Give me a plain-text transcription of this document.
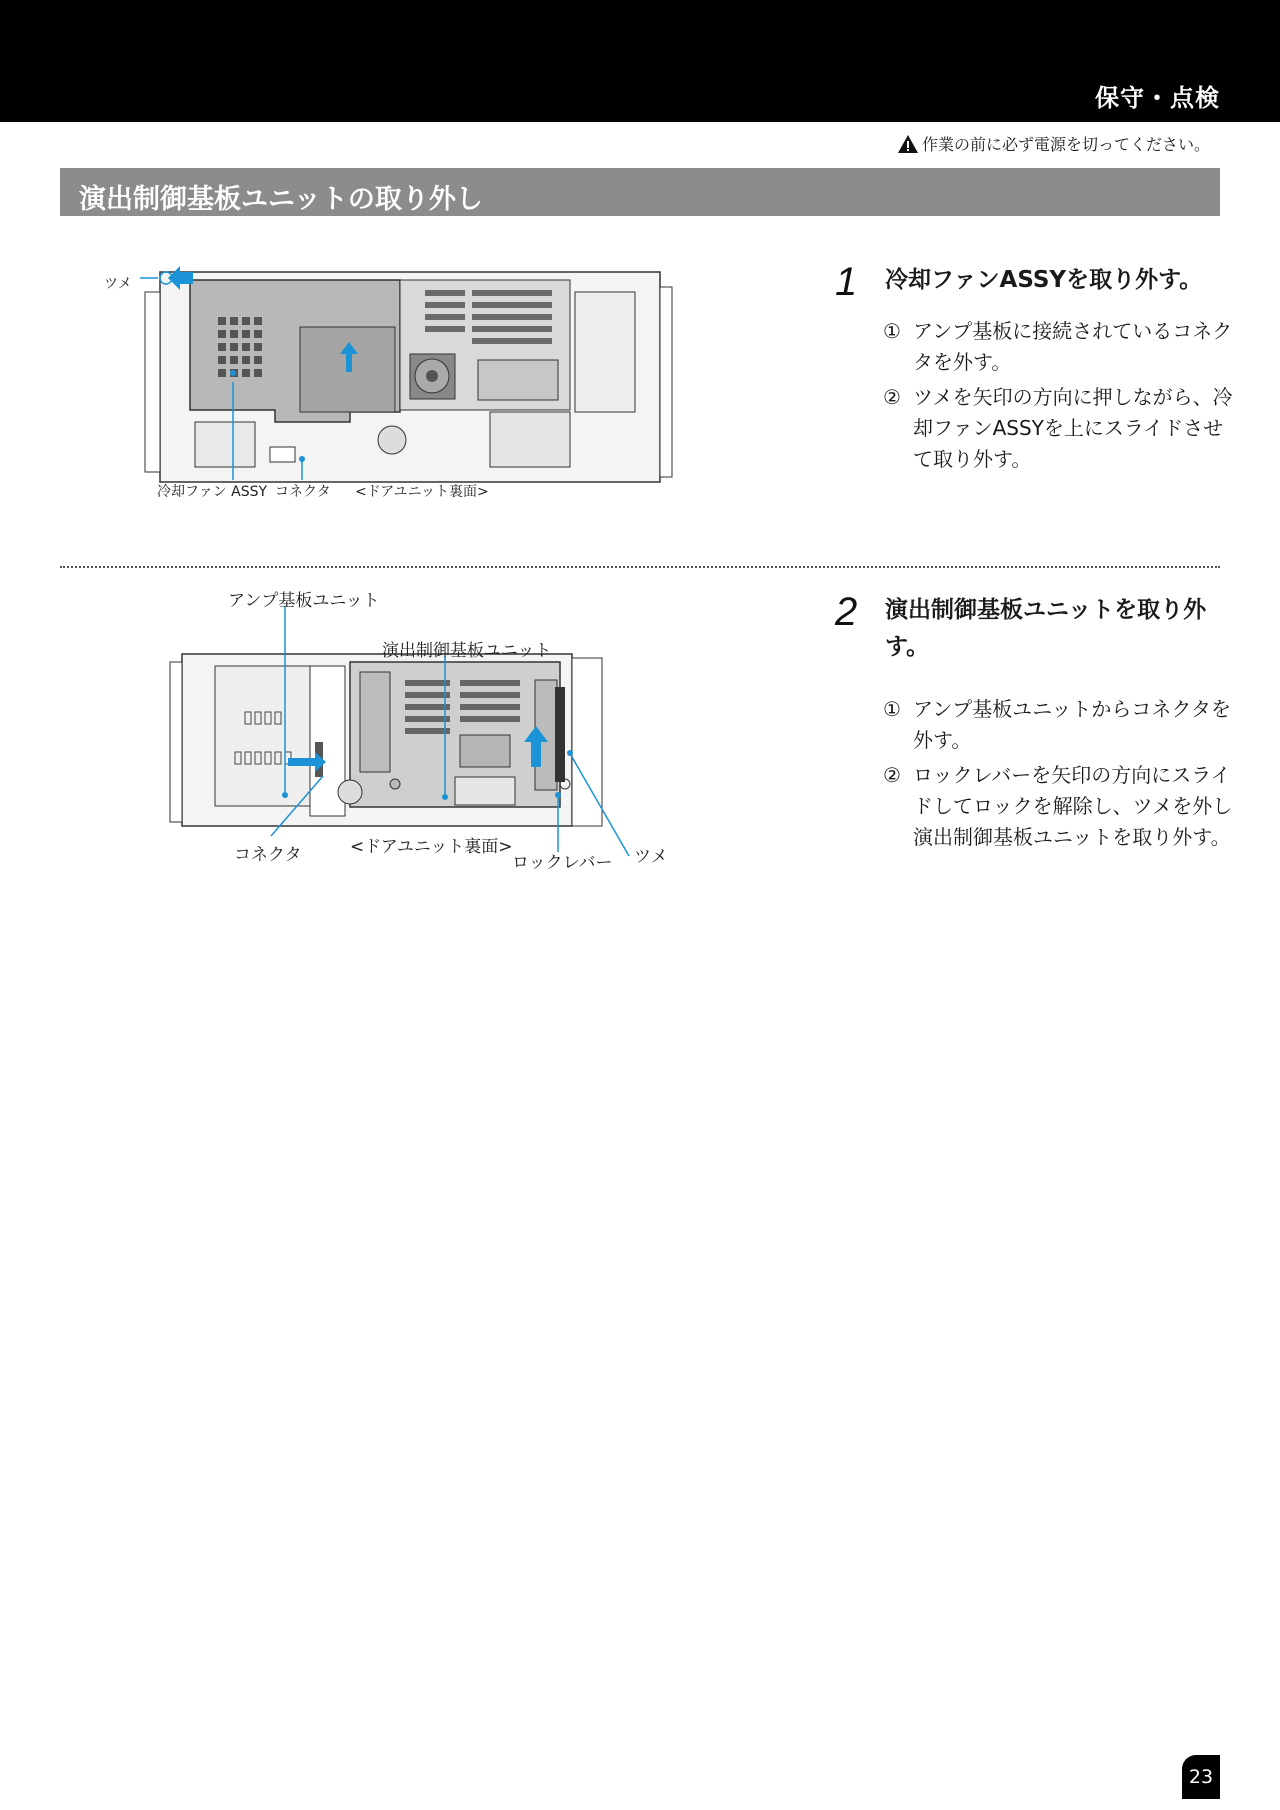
保守・点検
作業の前に必ず電源を切ってください。
演出制御基板ユニットの取り外し
ツメ
冷却ファン ASSY コネクタ <ドアユニット裏面>
1 冷却ファンASSYを取り外す。
① アンプ基板に接続されているコネクタを外す。
② ツメを矢印の方向に押しながら、冷却ファンASSYを上にスライドさせて取り外す。
アンプ基板ユニット
演出制御基板ユニット
コネクタ	<ドアユニット裏面>
ロックレバー ツメ
2 演出制御基板ユニットを取り外す。
① アンプ基板ユニットからコネクタを外す。
② ロックレバーを矢印の方向にスライドしてロックを解除し、ツメを外し演出制御基板ユニットを取り外す。
23
